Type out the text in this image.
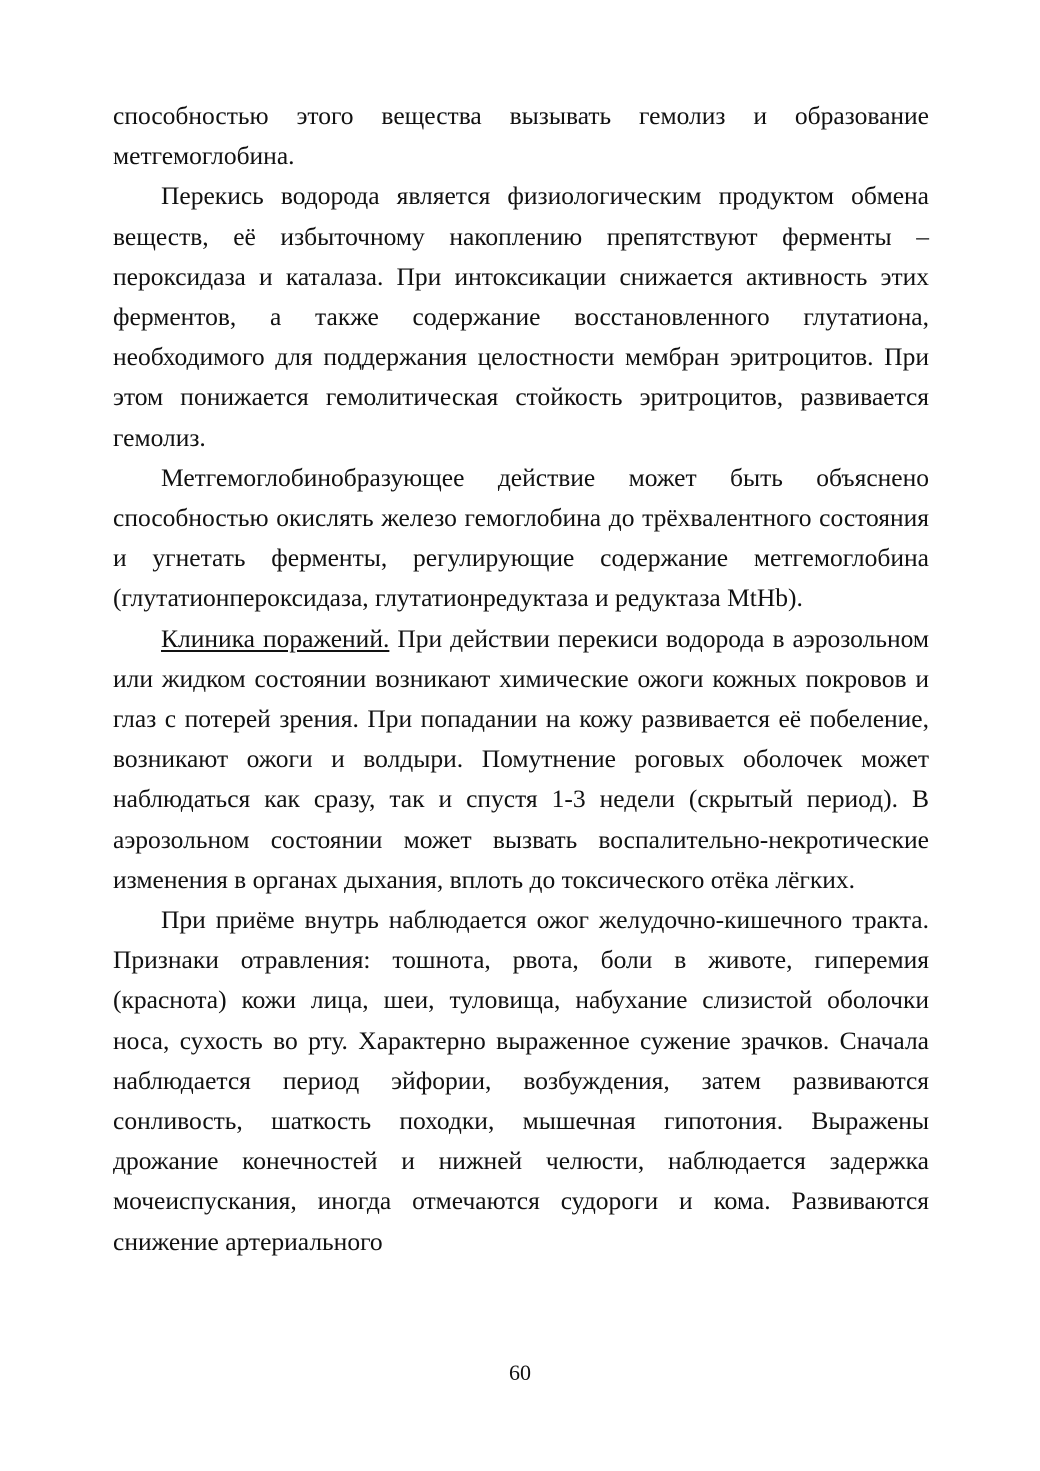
способностью этого вещества вызывать гемолиз и образование метгемоглобина.

Перекись водорода является физиологическим продуктом обмена веществ, её избыточному накоплению препятствуют ферменты – пероксидаза и каталаза. При интоксикации снижается активность этих ферментов, а также содержание восстановленного глутатиона, необходимого для поддержания целостности мембран эритроцитов. При этом понижается гемолитическая стойкость эритроцитов, развивается гемолиз.

Метгемоглобинобразующее действие может быть объяснено способностью окислять железо гемоглобина до трёхвалентного состояния и угнетать ферменты, регулирующие содержание метгемоглобина (глутатионпероксидаза, глутатионредуктаза и редуктаза MtHb).

Клиника поражений. При действии перекиси водорода в аэрозольном или жидком состоянии возникают химические ожоги кожных покровов и глаз с потерей зрения. При попадании на кожу развивается её побеление, возникают ожоги и волдыри. Помутнение роговых оболочек может наблюдаться как сразу, так и спустя 1-3 недели (скрытый период). В аэрозольном состоянии может вызвать воспалительно-некротические изменения в органах дыхания, вплоть до токсического отёка лёгких.

При приёме внутрь наблюдается ожог желудочно-кишечного тракта. Признаки отравления: тошнота, рвота, боли в животе, гиперемия (краснота) кожи лица, шеи, туловища, набухание слизистой оболочки носа, сухость во рту. Характерно выраженное сужение зрачков. Сначала наблюдается период эйфории, возбуждения, затем развиваются сонливость, шаткость походки, мышечная гипотония. Выражены дрожание конечностей и нижней челюсти, наблюдается задержка мочеиспускания, иногда отмечаются судороги и кома. Развиваются снижение артериального

60
